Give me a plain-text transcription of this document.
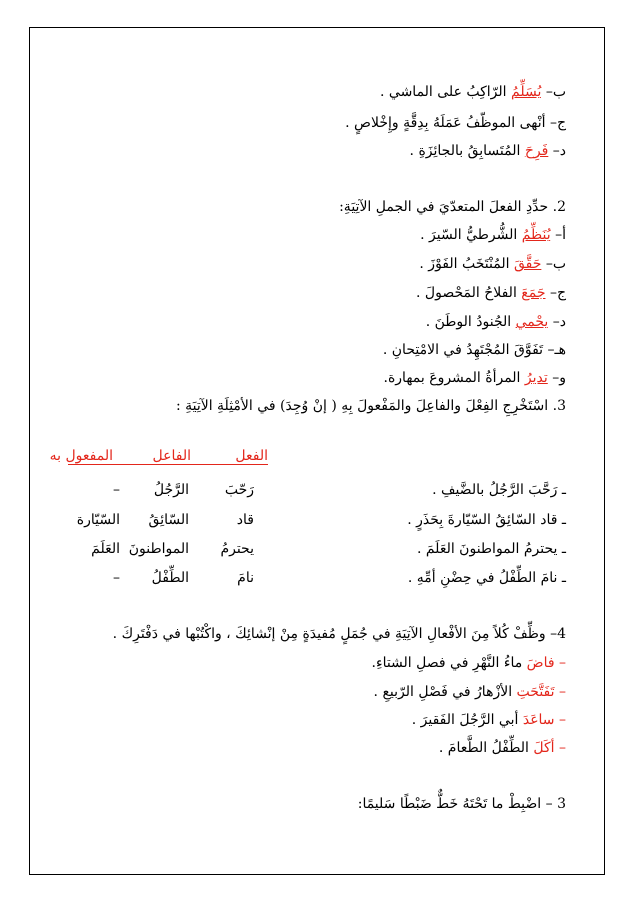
ب– يُسَلِّمُ الرّاكِبُ على الماشي .
ج– أنْهى الموظّفُ عَمَلَهُ بِدِقَّةٍ وإِخْلاصٍ .
د– فَرِحَ المُتَسابِقُ بالجائِزَةِ .
2. حدِّدِ الفعلَ المتعدّيَ في الجملِ الآتِيَةِ:
أ– يُنَظِّمُ الشُّرطيُّ السّيرَ .
ب– حَقَّقَ المُنْتَخَبُ الفَوْزَ .
ج– جَمَعَ الفلاحُ المَحْصولَ .
د– يحْمي الجُنودُ الوطَنَ .
هـ– تَفَوَّقَ المُجْتَهِدُ في الامْتِحانِ .
و– تديرُ المرأةُ المشروعَ بمهارة.
3. اسْتَخْرِجِ الفِعْلَ والفاعِلَ والمَفْعولَ بِهِ ( إنْ وُجِدَ) في الأمْثِلَةِ الآتِيَةِ :
الفعل
الفاعل
المفعول به
ـ رَحَّبَ الرَّجُلُ بالضَّيفِ .
رَحّبَ
الرَّجُلُ
–
ـ قاد السّائِقُ السّيّارةَ بِحَذَرٍ .
قاد
السّائِقُ
السّيّارة
ـ يحترمُ المواطنونَ العَلَمَ .
يحترمُ
المواطنونَ
العَلَمَ
ـ نامَ الطِّفْلُ في حِضْنِ أمِّهِ .
نامَ
الطِّفْلُ
–
4– وظِّفْ كُلاً مِنَ الأفْعالِ الآتِيَةِ في جُمَلٍ مُفيدَةٍ مِنْ إنْشائِكَ ، واكْتُبْها في دَفْتَرِكَ .
– فاضَ ماءُ النَّهْرِ في فصلِ الشتاءِ.
– تَفَتَّحَتِ الأزْهارُ في فَصْلِ الرّبيعِ .
– ساعَدَ أبي الرَّجُلَ الفَقيرَ .
– أكَلَ الطِّفْلُ الطَّعامَ .
3 – اضْبِطْ ما تَحْتَهُ خَطٌّ ضَبْطًا سَليمًا:
